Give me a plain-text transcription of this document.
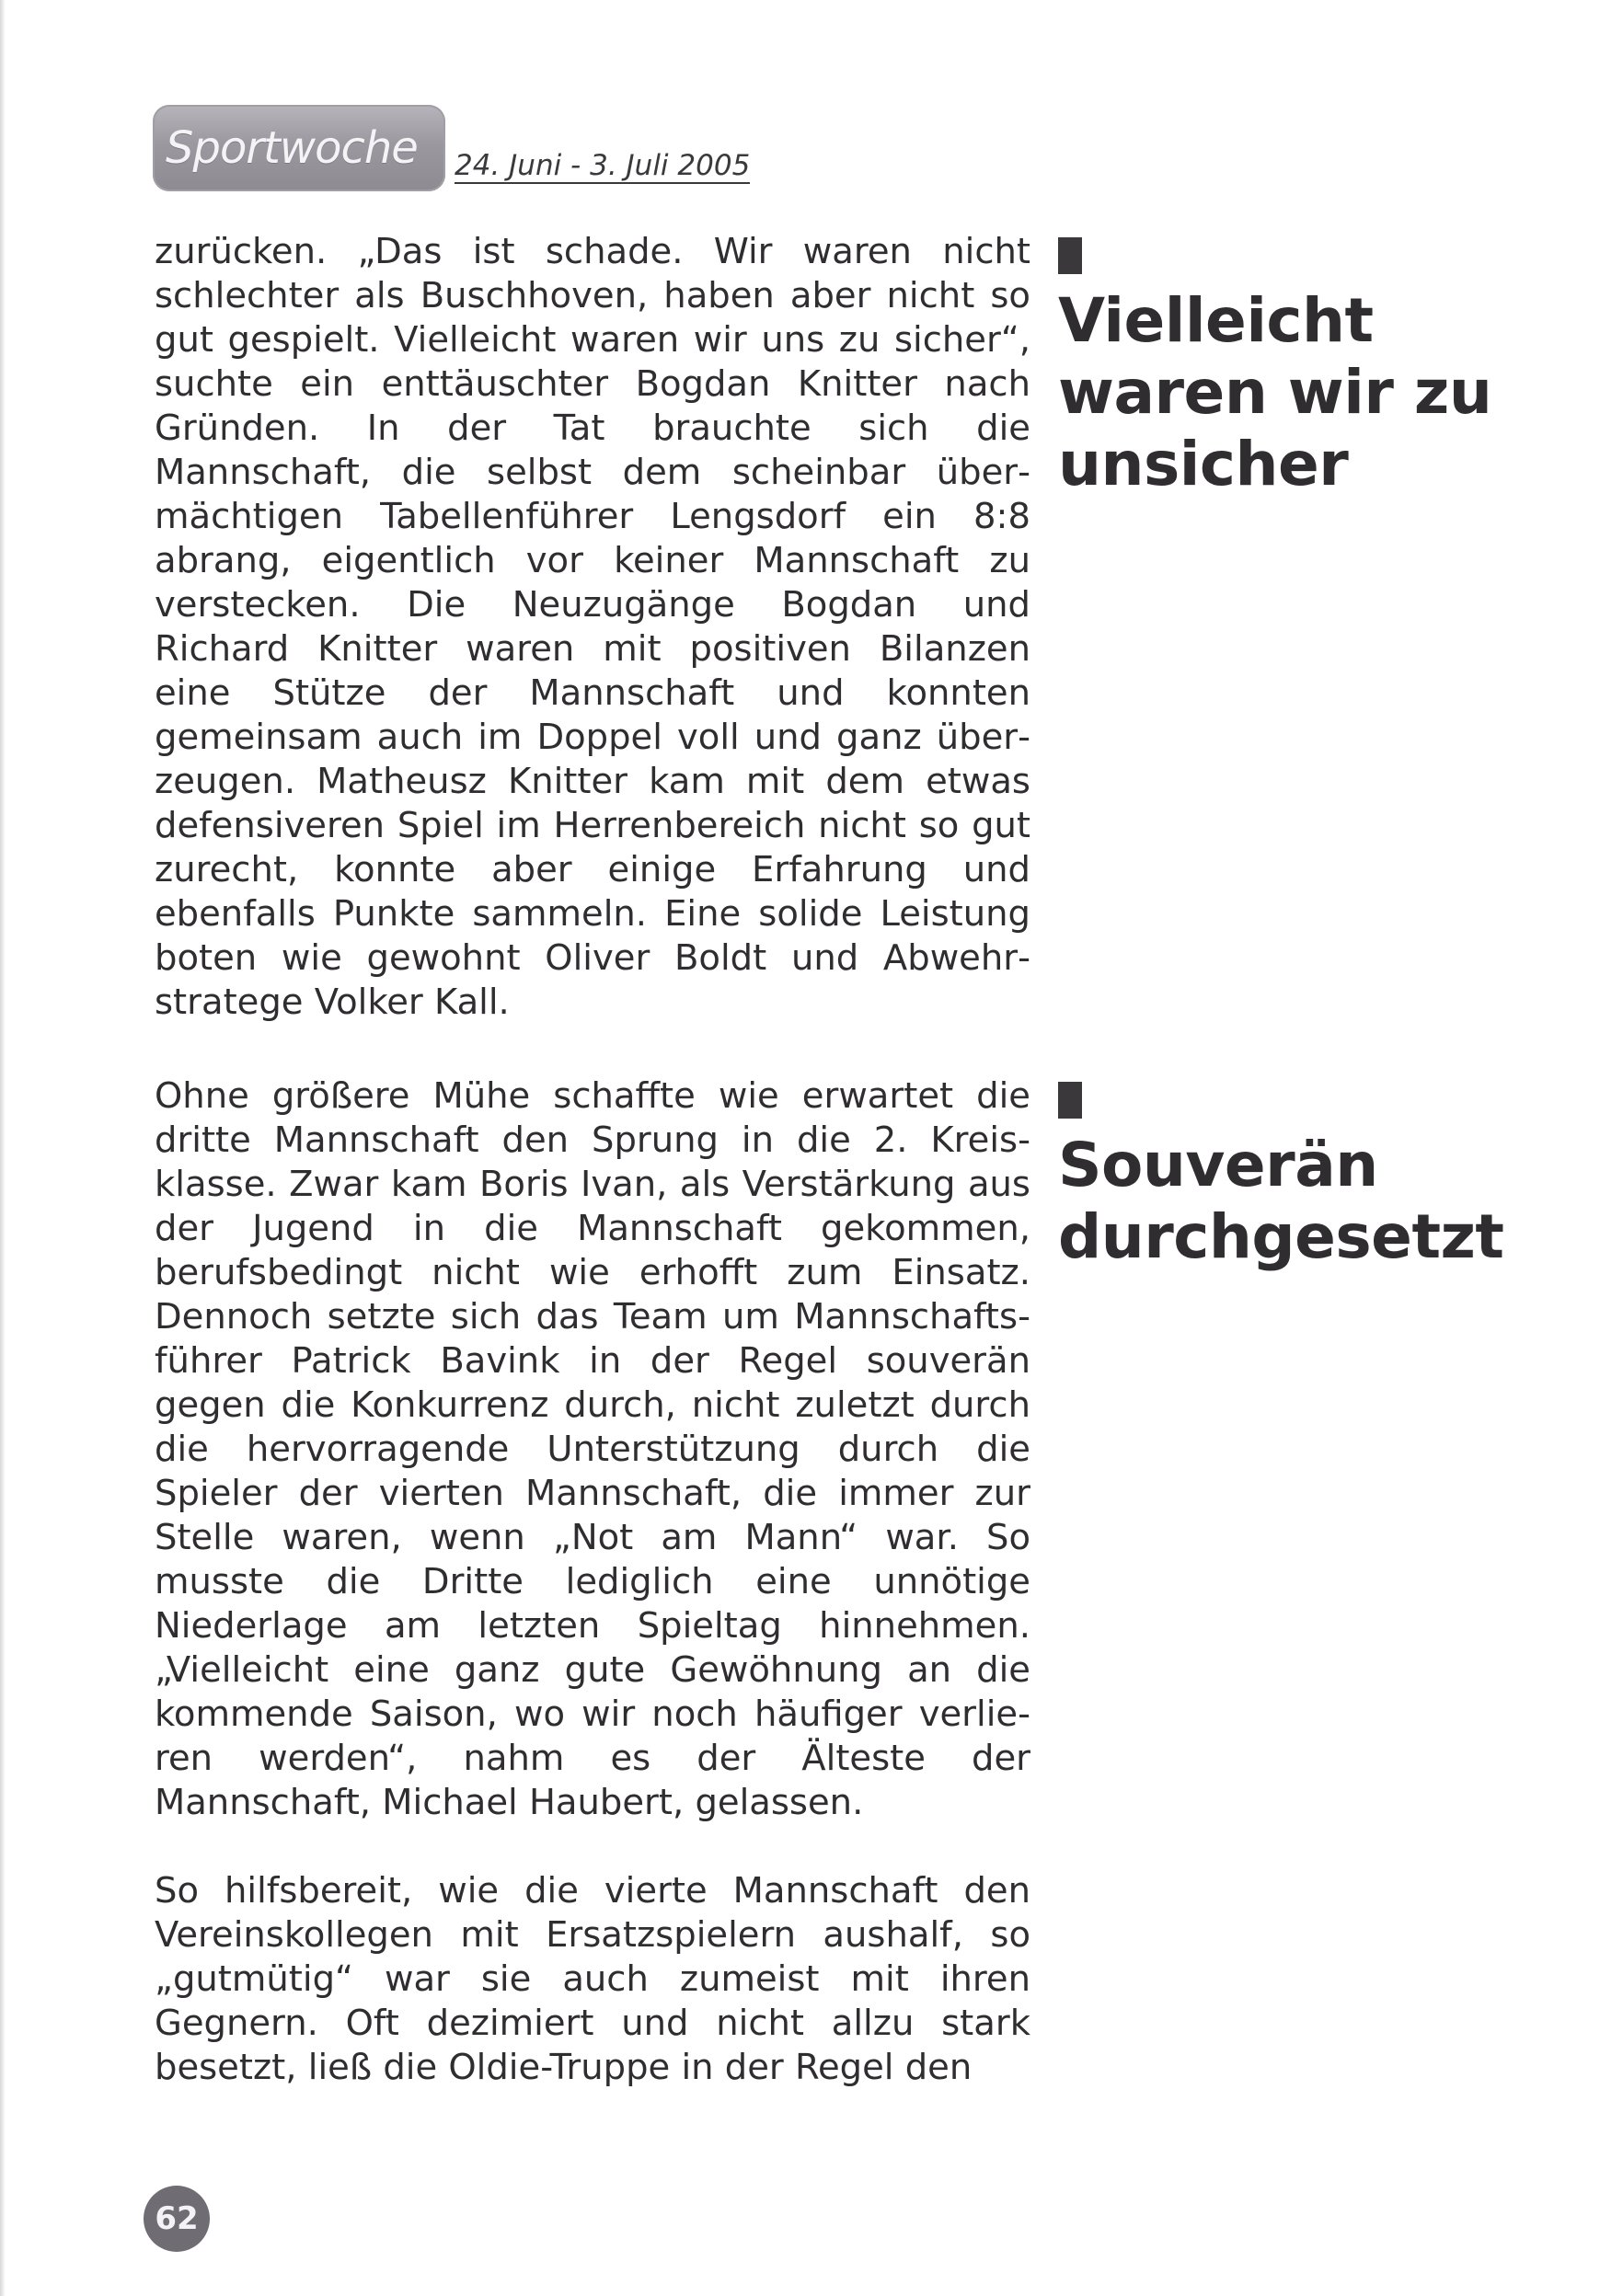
Sportwoche 24. Juni - 3. Juli 2005

zurücken. „Das ist schade. Wir waren nicht schlechter als Buschhoven, haben aber nicht so gut gespielt. Vielleicht waren wir uns zu sicher“, suchte ein enttäuschter Bogdan Knitter nach Gründen. In der Tat brauchte sich die Mannschaft, die selbst dem scheinbar übermächtigen Tabellenführer Lengsdorf ein 8:8 abrang, eigentlich vor keiner Mannschaft zu verstecken. Die Neuzugänge Bogdan und Richard Knitter waren mit positiven Bilanzen eine Stütze der Mannschaft und konnten gemeinsam auch im Doppel voll und ganz überzeugen. Matheusz Knitter kam mit dem etwas defensiveren Spiel im Herrenbereich nicht so gut zurecht, konnte aber einige Erfahrung und ebenfalls Punkte sammeln. Eine solide Leistung boten wie gewohnt Oliver Boldt und Abwehrstratege Volker Kall.

Ohne größere Mühe schaffte wie erwartet die dritte Mannschaft den Sprung in die 2. Kreisklasse. Zwar kam Boris Ivan, als Verstärkung aus der Jugend in die Mannschaft gekommen, berufsbedingt nicht wie erhofft zum Einsatz. Dennoch setzte sich das Team um Mannschaftsführer Patrick Bavink in der Regel souverän gegen die Konkurrenz durch, nicht zuletzt durch die hervorragende Unterstützung durch die Spieler der vierten Mannschaft, die immer zur Stelle waren, wenn „Not am Mann“ war. So musste die Dritte lediglich eine unnötige Niederlage am letzten Spieltag hinnehmen. „Vielleicht eine ganz gute Gewöhnung an die kommende Saison, wo wir noch häufiger verlieren werden“, nahm es der Älteste der Mannschaft, Michael Haubert, gelassen.

So hilfsbereit, wie die vierte Mannschaft den Vereinskollegen mit Ersatzspielern aushalf, so „gutmütig“ war sie auch zumeist mit ihren Gegnern. Oft dezimiert und nicht allzu stark besetzt, ließ die Oldie-Truppe in der Regel den

Vielleicht waren wir zu unsicher
Souverän durchgesetzt
62
